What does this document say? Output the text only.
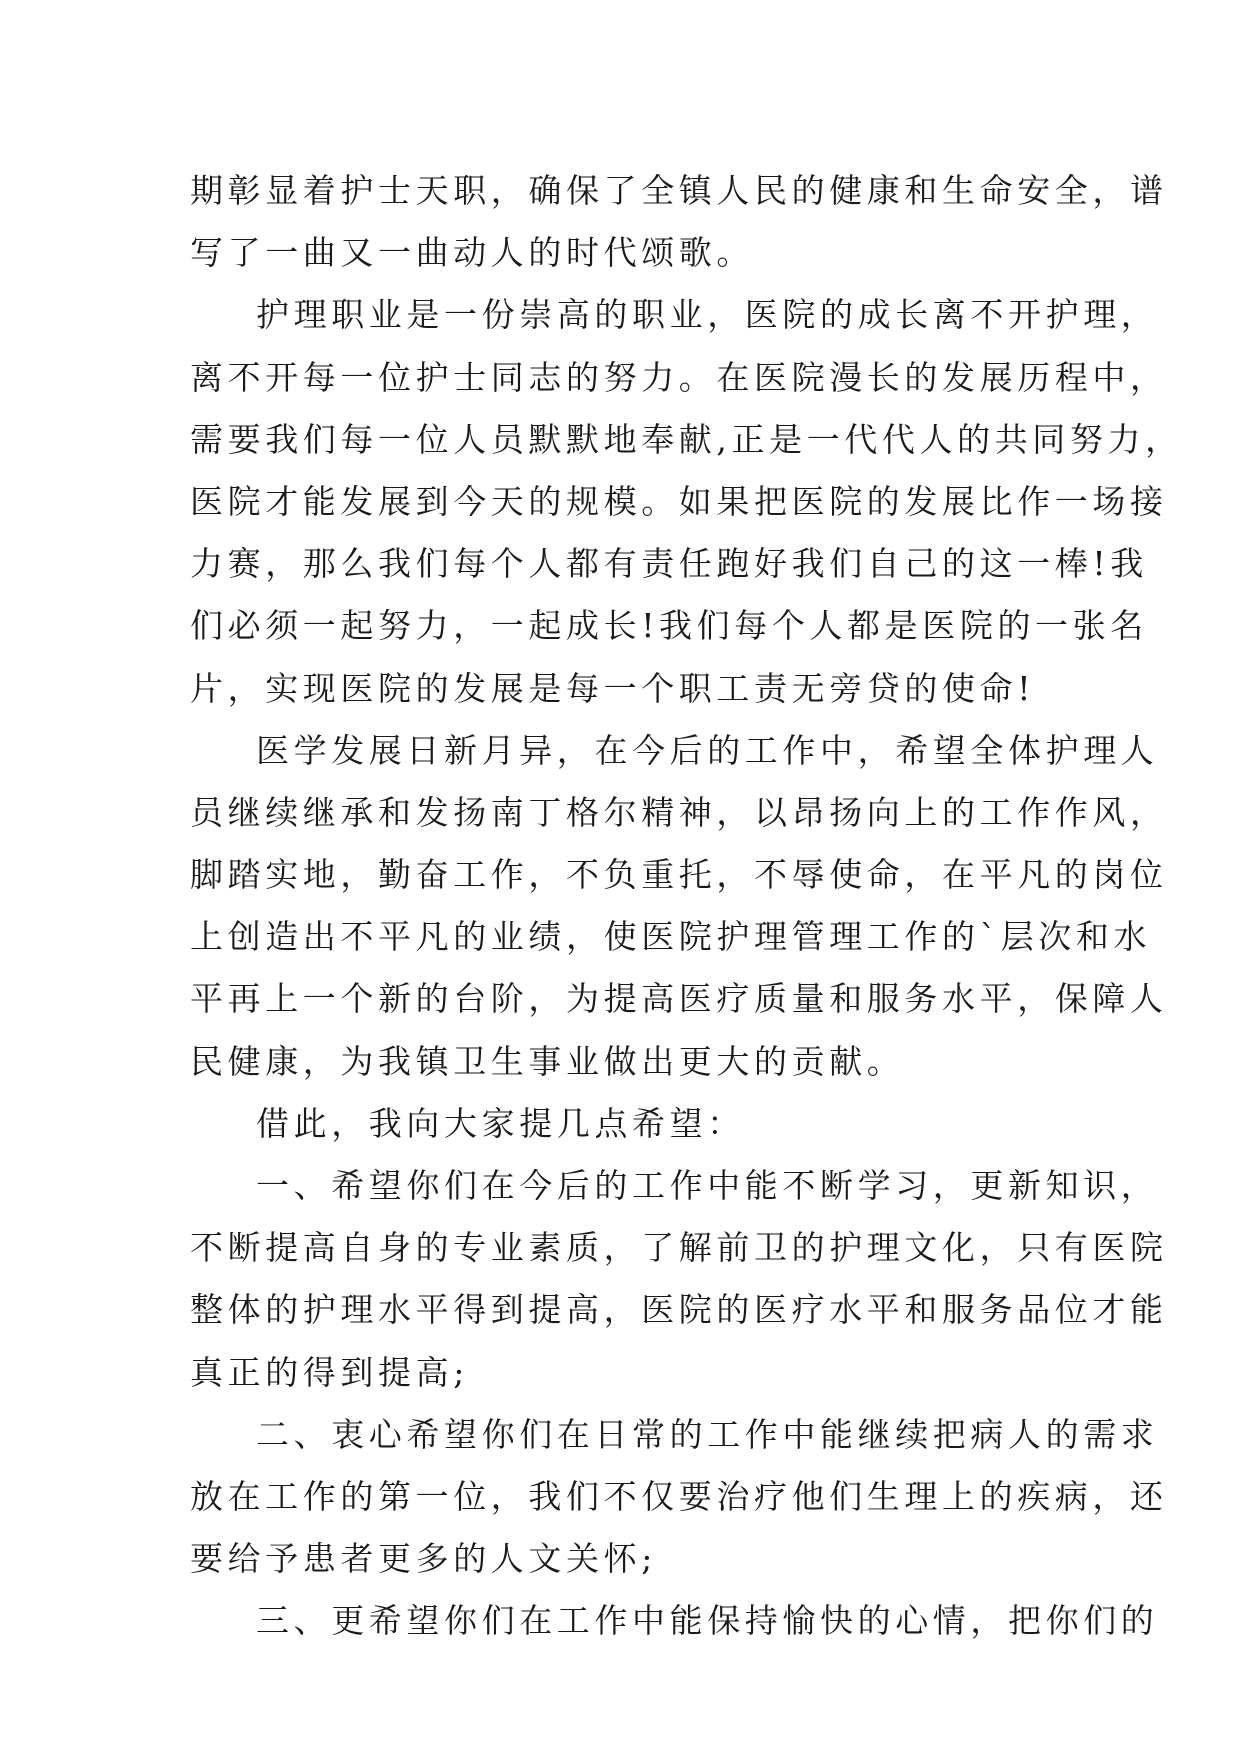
期彰显着护士天职，确保了全镇人民的健康和生命安全，谱
写了一曲又一曲动人的时代颂歌。
护理职业是一份崇高的职业，医院的成长离不开护理，
离不开每一位护士同志的努力。在医院漫长的发展历程中，
需要我们每一位人员默默地奉献,正是一代代人的共同努力，
医院才能发展到今天的规模。如果把医院的发展比作一场接
力赛，那么我们每个人都有责任跑好我们自己的这一棒!我
们必须一起努力，一起成长!我们每个人都是医院的一张名
片，实现医院的发展是每一个职工责无旁贷的使命!
医学发展日新月异，在今后的工作中，希望全体护理人
员继续继承和发扬南丁格尔精神，以昂扬向上的工作作风，
脚踏实地，勤奋工作，不负重托，不辱使命，在平凡的岗位
上创造出不平凡的业绩，使医院护理管理工作的`层次和水
平再上一个新的台阶，为提高医疗质量和服务水平，保障人
民健康，为我镇卫生事业做出更大的贡献。
借此，我向大家提几点希望：
一、希望你们在今后的工作中能不断学习，更新知识，
不断提高自身的专业素质，了解前卫的护理文化，只有医院
整体的护理水平得到提高，医院的医疗水平和服务品位才能
真正的得到提高;
二、衷心希望你们在日常的工作中能继续把病人的需求
放在工作的第一位，我们不仅要治疗他们生理上的疾病，还
要给予患者更多的人文关怀;
三、更希望你们在工作中能保持愉快的心情，把你们的
